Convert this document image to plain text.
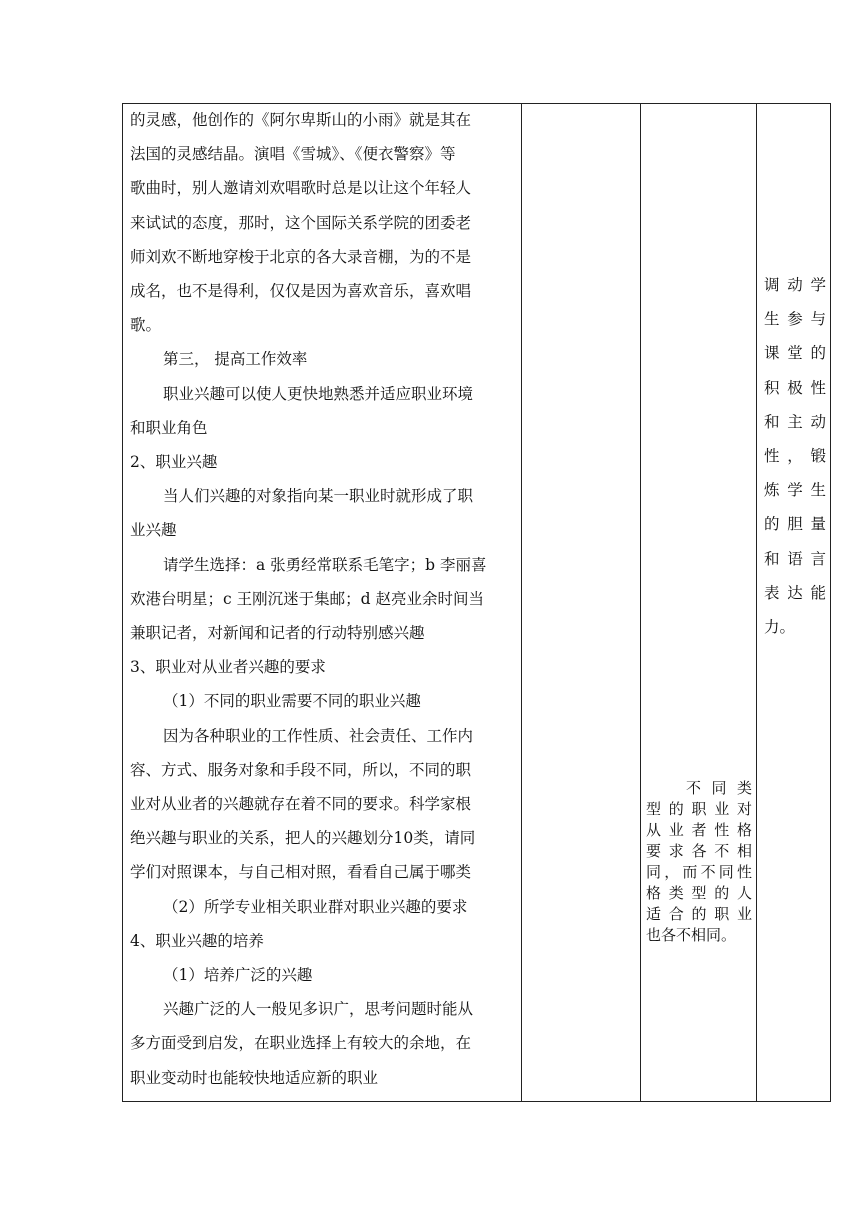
的灵感，他创作的《阿尔卑斯山的小雨》就是其在
法国的灵感结晶。演唱《雪城》、《便衣警察》等
歌曲时，别人邀请刘欢唱歌时总是以让这个年轻人
来试试的态度，那时，这个国际关系学院的团委老
师刘欢不断地穿梭于北京的各大录音棚，为的不是
成名，也不是得利，仅仅是因为喜欢音乐，喜欢唱
歌。
第三， 提高工作效率
职业兴趣可以使人更快地熟悉并适应职业环境
和职业角色
2、职业兴趣
当人们兴趣的对象指向某一职业时就形成了职
业兴趣
请学生选择：a 张勇经常联系毛笔字；b 李丽喜
欢港台明星；c 王刚沉迷于集邮；d 赵亮业余时间当
兼职记者，对新闻和记者的行动特别感兴趣
3、职业对从业者兴趣的要求
（1）不同的职业需要不同的职业兴趣
因为各种职业的工作性质、社会责任、工作内
容、方式、服务对象和手段不同，所以，不同的职
业对从业者的兴趣就存在着不同的要求。科学家根
绝兴趣与职业的关系，把人的兴趣划分10类，请同
学们对照课本，与自己相对照，看看自己属于哪类
（2）所学专业相关职业群对职业兴趣的要求
4、职业兴趣的培养
（1）培养广泛的兴趣
兴趣广泛的人一般见多识广，思考问题时能从
多方面受到启发，在职业选择上有较大的余地，在
职业变动时也能较快地适应新的职业
不 同 类
型的职业对
从业者性格
要求各不相
同，而不同性
格类型的人
适合的职业
也各不相同。
调动学
生参与
课堂的
积极性
和主动
性，锻
炼学生
的胆量
和语言
表达能
力。
